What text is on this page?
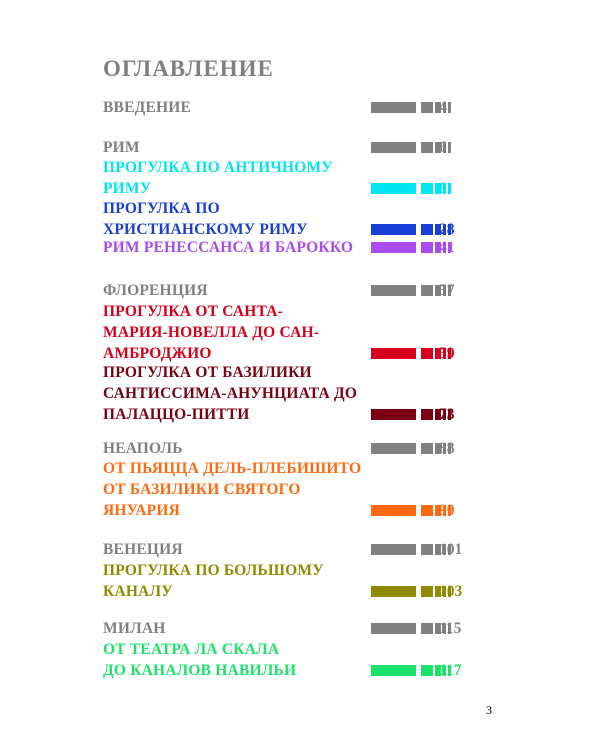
ОГЛАВЛЕНИЕ
ВВЕДЕНИЕ	4
РИМ	6
ПРОГУЛКА ПО АНТИЧНОМУ
РИМУ	8
ПРОГУЛКА ПО
ХРИСТИАНСКОМУ РИМУ	28
РИМ РЕНЕССАНСА И БАРОККО	41
ФЛОРЕНЦИЯ	57
ПРОГУЛКА ОТ САНТА-
МАРИЯ-НОВЕЛЛА ДО САН-
АМБРОДЖИО	59
ПРОГУЛКА ОТ БАЗИЛИКИ
САНТИССИМА-АНУНЦИАТА ДО
ПАЛАЦЦО-ПИТТИ	73
НЕАПОЛЬ	88
ОТ ПЬЯЦЦА ДЕЛЬ-ПЛЕБИШИТО
ОТ БАЗИЛИКИ СВЯТОГО
ЯНУАРИЯ	90
ВЕНЕЦИЯ	101
ПРОГУЛКА ПО БОЛЬШОМУ
КАНАЛУ	103
МИЛАН	115
ОТ ТЕАТРА ЛА СКАЛА
ДО КАНАЛОВ НАВИЛЬИ	117
3
